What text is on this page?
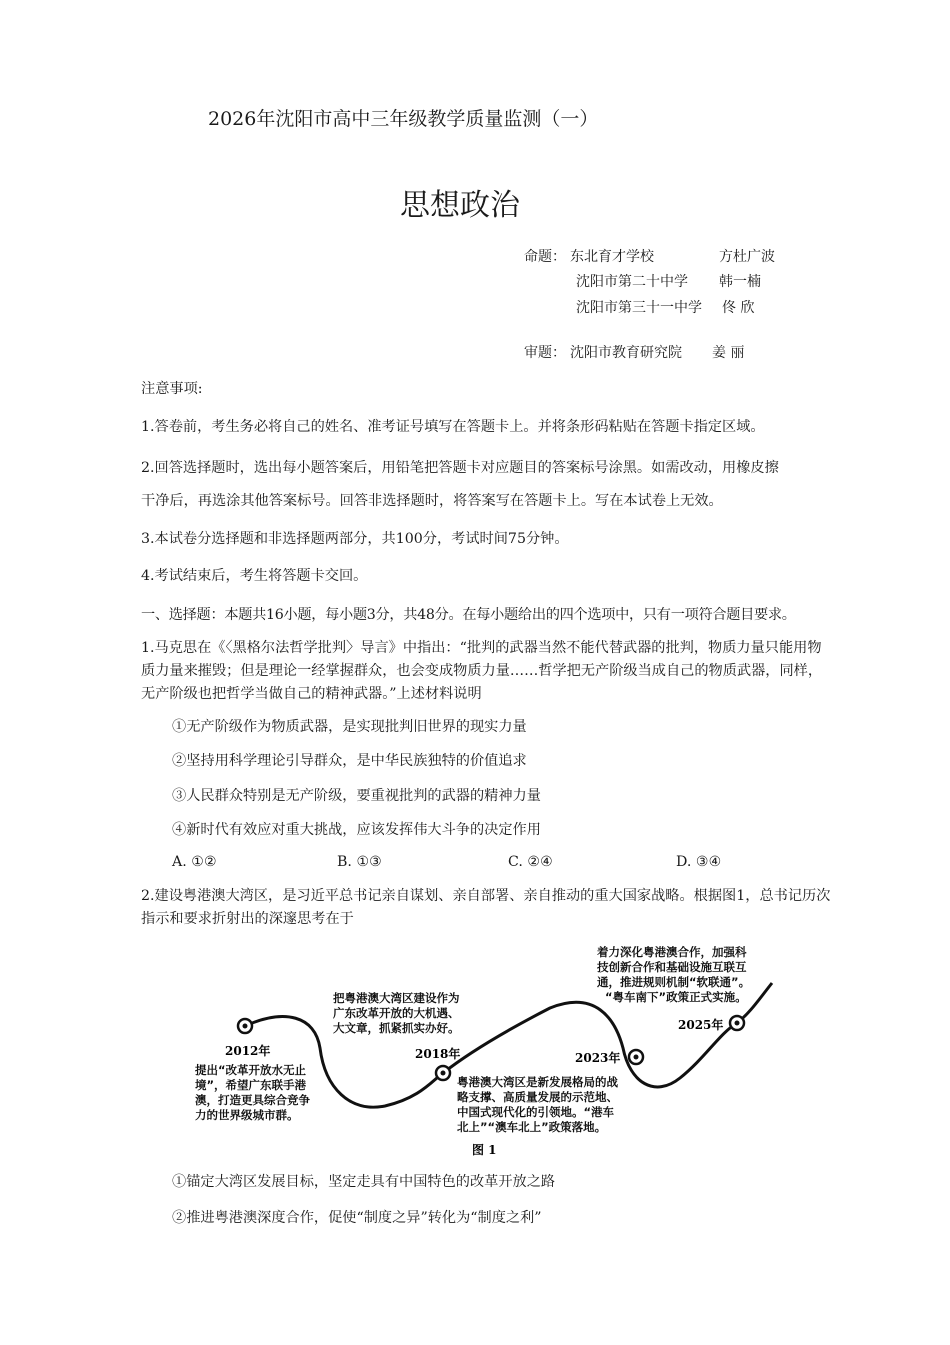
2026年沈阳市高中三年级教学质量监测（一）
思想政治
命题： 东北育才学校	方杜广波
沈阳市第二十中学 韩一楠
沈阳市第三十一中学 佟 欣
审题： 沈阳市教育研究院 姜 丽
注意事项:
1.答卷前，考生务必将自己的姓名、准考证号填写在答题卡上。并将条形码粘贴在答题卡指定区域。
2.回答选择题时，选出每小题答案后，用铅笔把答题卡对应题目的答案标号涂黑。如需改动，用橡皮擦
干净后，再选涂其他答案标号。回答非选择题时，将答案写在答题卡上。写在本试卷上无效。
3.本试卷分选择题和非选择题两部分，共100分，考试时间75分钟。
4.考试结束后，考生将答题卡交回。
一、选择题：本题共16小题，每小题3分，共48分。在每小题给出的四个选项中，只有一项符合题目要求。
1.马克思在《〈黑格尔法哲学批判〉导言》中指出：“批判的武器当然不能代替武器的批判，物质力量只能用物质力量来摧毁；但是理论一经掌握群众，也会变成物质力量……哲学把无产阶级当成自己的物质武器，同样，无产阶级也把哲学当做自己的精神武器。”上述材料说明
①无产阶级作为物质武器，是实现批判旧世界的现实力量
②坚持用科学理论引导群众，是中华民族独特的价值追求
③人民群众特别是无产阶级，要重视批判的武器的精神力量
④新时代有效应对重大挑战，应该发挥伟大斗争的决定作用
A. ①②	B. ①③	C. ②④	D. ③④
2.建设粤港澳大湾区，是习近平总书记亲自谋划、亲自部署、亲自推动的重大国家战略。根据图1，总书记历次指示和要求折射出的深邃思考在于
2012年	2018年	2023年
2025年
提出“改革开放水无止
境”，希望广东联手港
澳，打造更具综合竞争
力的世界级城市群。
把粤港澳大湾区建设作为
广东改革开放的大机遇、
大文章，抓紧抓实办好。
粤港澳大湾区是新发展格局的战
略支撑、高质量发展的示范地、
中国式现代化的引领地。“港车
北上”“澳车北上”政策落地。
着力深化粤港澳合作，加强科
技创新合作和基础设施互联互
通，推进规则机制“软联通”。
“粤车南下”政策正式实施。
图 1
①锚定大湾区发展目标，坚定走具有中国特色的改革开放之路
②推进粤港澳深度合作，促使“制度之异”转化为“制度之利”
